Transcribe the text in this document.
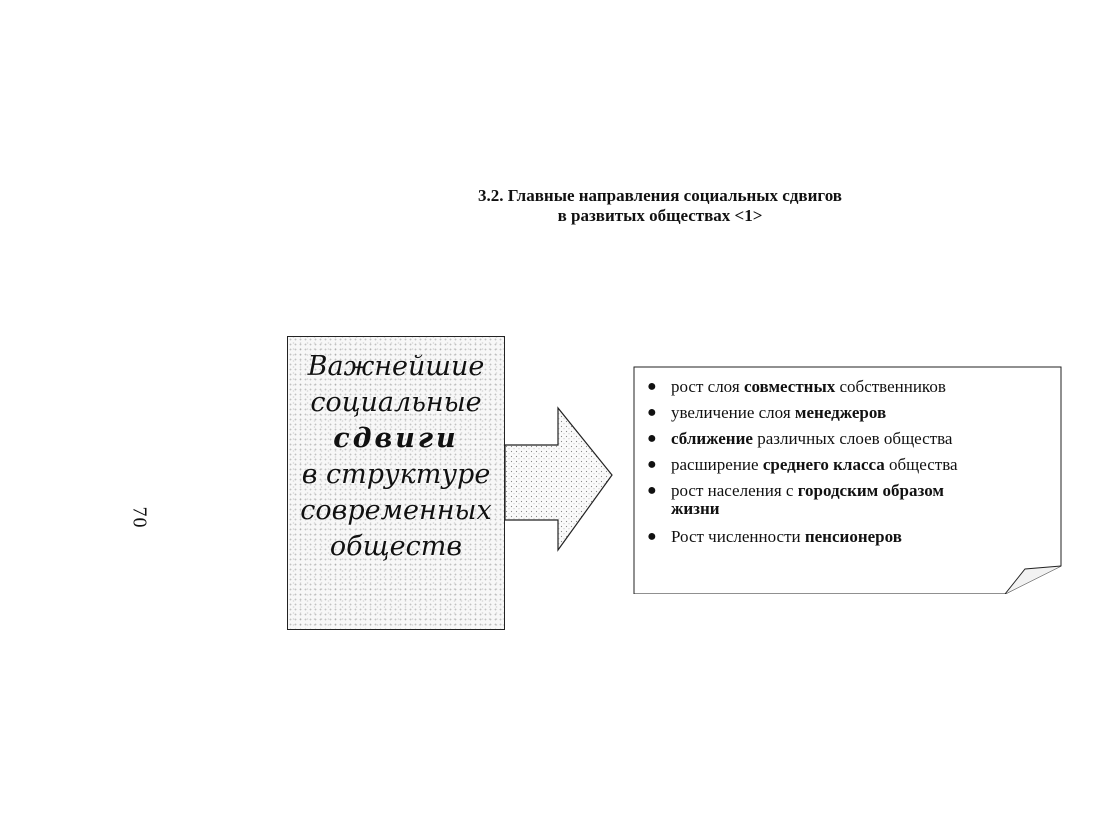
3.2. Главные направления социальных сдвигов
в развитых обществах <1>
70
Важнейшие
социальные
сдвиги
в структуре
современных
обществ
● рост слоя совместных собственников
● увеличение слоя менеджеров
● сближение различных слоев общества
● расширение среднего класса общества
● рост населения с городским образом
жизни
● Рост численности пенсионеров
